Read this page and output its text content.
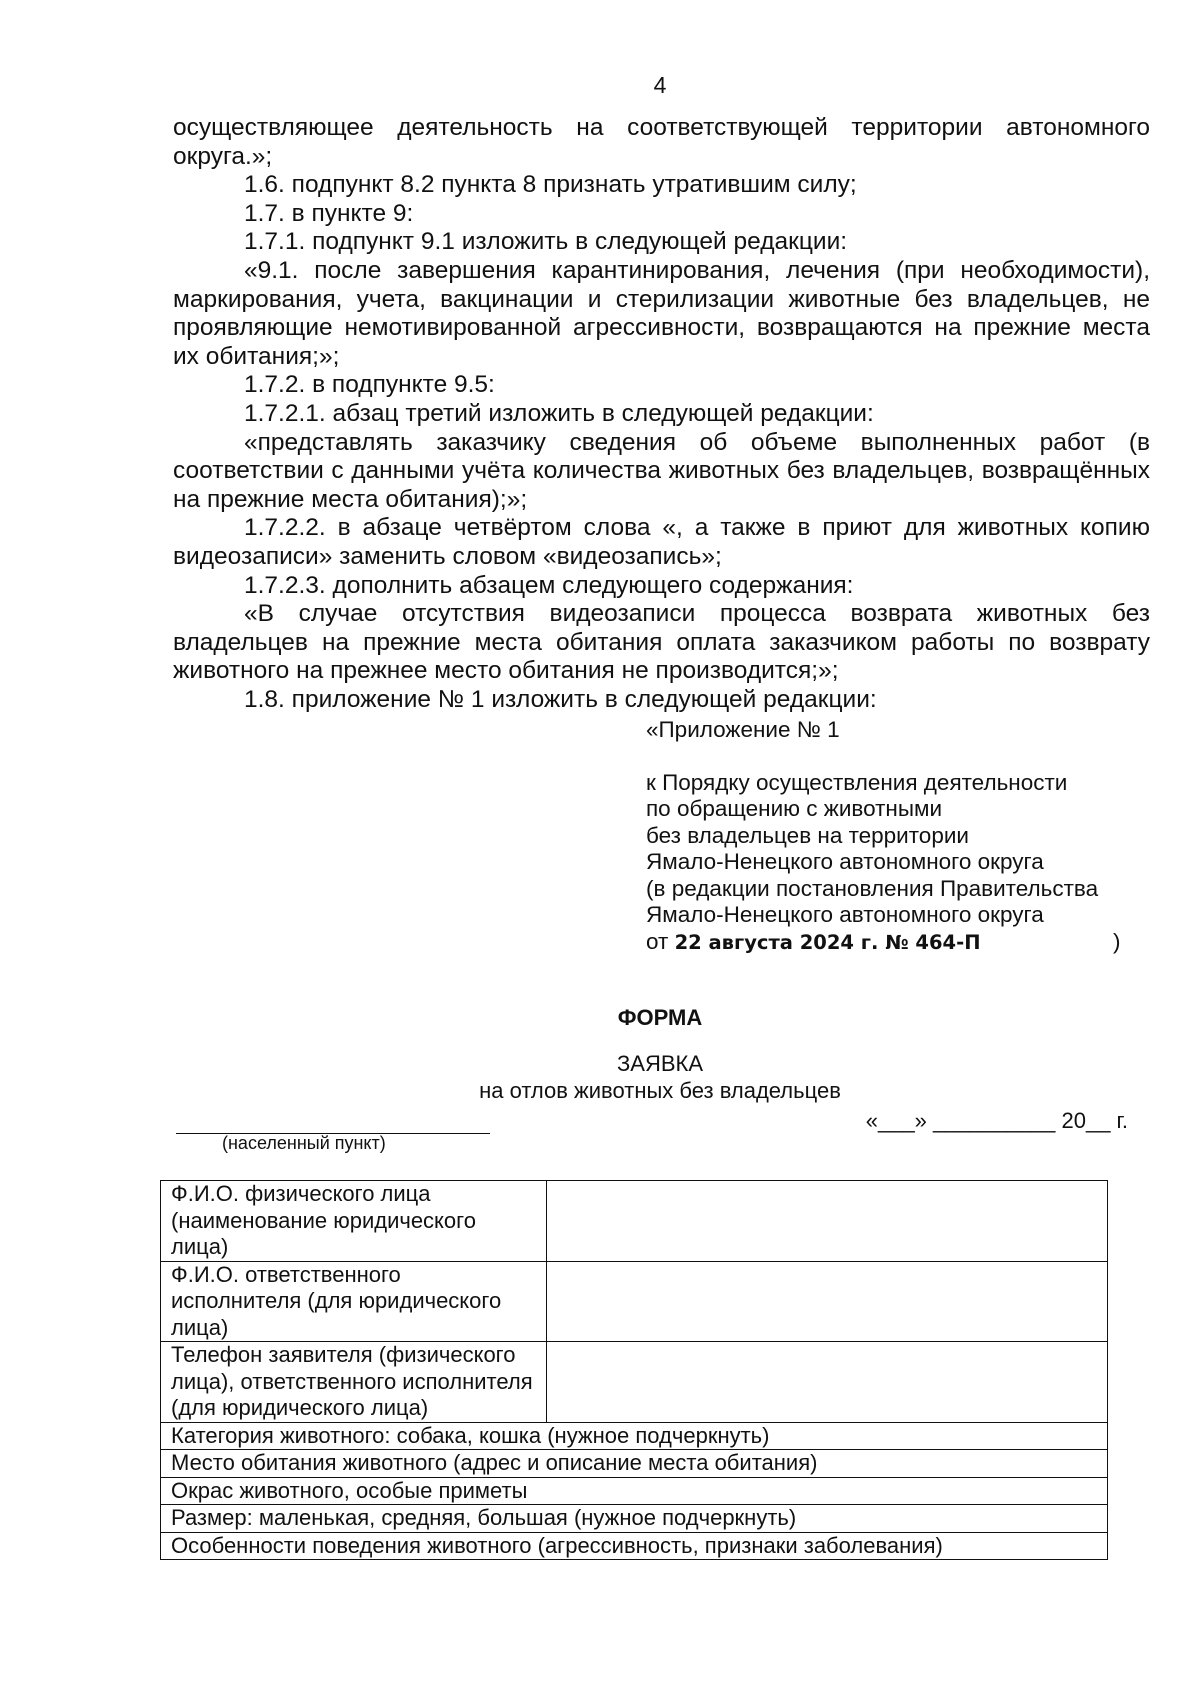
4

осуществляющее деятельность на соответствующей территории автономного округа.»;

1.6. подпункт 8.2 пункта 8 признать утратившим силу;

1.7. в пункте 9:

1.7.1. подпункт 9.1 изложить в следующей редакции:

«9.1. после завершения карантинирования, лечения (при необходимости), маркирования, учета, вакцинации и стерилизации животные без владельцев, не проявляющие немотивированной агрессивности, возвращаются на прежние места их обитания;»;

1.7.2. в подпункте 9.5:

1.7.2.1. абзац третий изложить в следующей редакции:

«представлять заказчику сведения об объеме выполненных работ (в соответствии с данными учёта количества животных без владельцев, возвращённых на прежние места обитания);»;

1.7.2.2. в абзаце четвёртом слова «, а также в приют для животных копию видеозаписи» заменить словом «видеозапись»;

1.7.2.3. дополнить абзацем следующего содержания:

«В случае отсутствия видеозаписи процесса возврата животных без владельцев на прежние места обитания оплата заказчиком работы по возврату животного на прежнее место обитания не производится;»;

1.8. приложение № 1 изложить в следующей редакции:

«Приложение № 1
к Порядку осуществления деятельности
по обращению с животными
без владельцев на территории
Ямало-Ненецкого автономного округа
(в редакции постановления Правительства
Ямало-Ненецкого автономного округа
от 22 августа 2024 г. № 464-П	)
ФОРМА
ЗАЯВКА
на отлов животных без владельцев
(населенный пункт)
«___» __________ 20__ г.
Ф.И.О. физического лица (наименование юридического лица)	
Ф.И.О. ответственного исполнителя (для юридического лица)	
Телефон заявителя (физического лица), ответственного исполнителя (для юридического лица)	
Категория животного: собака, кошка (нужное подчеркнуть)	
Место обитания животного (адрес и описание места обитания)	
Окрас животного, особые приметы	
Размер: маленькая, средняя, большая (нужное подчеркнуть)	
Особенности поведения животного (агрессивность, признаки заболевания)	
